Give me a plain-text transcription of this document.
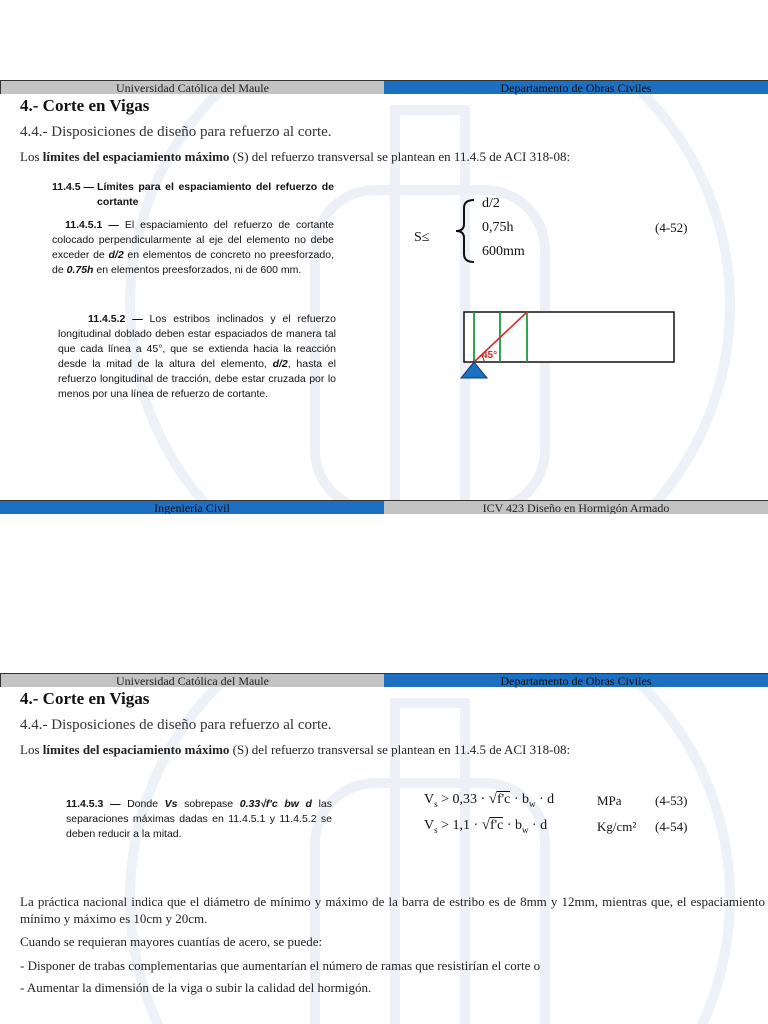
Universidad Católica del Maule	Departamento de Obras Civiles
4.- Corte en Vigas
4.4.- Disposiciones de diseño para refuerzo al corte.
Los límites del espaciamiento máximo (S) del refuerzo transversal se plantean en 11.4.5 de ACI 318-08:
11.4.5 — Límites para el espaciamiento del refuerzo de cortante
11.4.5.1 — El espaciamiento del refuerzo de cortante colocado perpendicularmente al eje del elemento no debe exceder de d/2 en elementos de concreto no preesforzado, de 0.75h en elementos preesforzados, ni de 600 mm.
11.4.5.2 — Los estribos inclinados y el refuerzo longitudinal doblado deben estar espaciados de manera tal que cada línea a 45°, que se extienda hacia la reacción desde la mitad de la altura del elemento, d/2, hasta el refuerzo longitudinal de tracción, debe estar cruzada por lo menos por una línea de refuerzo de cortante.
S≤
d/2
0,75h
600mm
(4-52)
45°
Ingeniería Civil	ICV 423 Diseño en Hormigón Armado
Universidad Católica del Maule	Departamento de Obras Civiles
4.- Corte en Vigas
4.4.- Disposiciones de diseño para refuerzo al corte.
Los límites del espaciamiento máximo (S) del refuerzo transversal se plantean en 11.4.5 de ACI 318-08:
11.4.5.3 — Donde Vs sobrepase 0.33√f'c bw d las separaciones máximas dadas en 11.4.5.1 y 11.4.5.2 se deben reducir a la mitad.
$V_s > 0,33 \cdot √f'c \cdot b_w \cdot d$	MPa	(4-53)
$V_s > 1,1 \cdot √f'c \cdot b_w \cdot d$	Kg/cm² (4-54)
La práctica nacional indica que el diámetro de mínimo y máximo de la barra de estribo es de 8mm y 12mm, mientras que, el espaciamiento mínimo y máximo es 10cm y 20cm.
Cuando se requieran mayores cuantías de acero, se puede:
- Disponer de trabas complementarias que aumentarían el número de ramas que resistirían el corte o
- Aumentar la dimensión de la viga o subir la calidad del hormigón.
